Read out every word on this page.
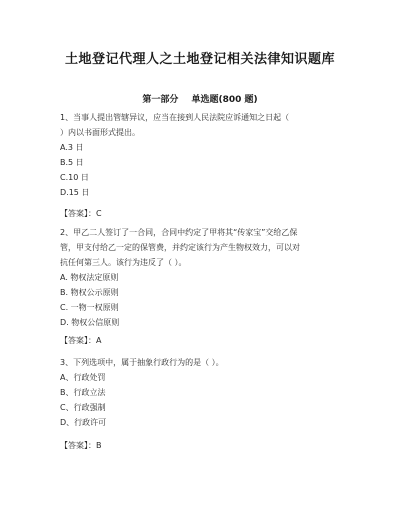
土地登记代理人之土地登记相关法律知识题库
第一部分 单选题(800 题)

1、当事人提出管辖异议，应当在接到人民法院应诉通知之日起（

）内以书面形式提出。

A.3 日

B.5 日

C.10 日

D.15 日

【答案】：C

2、甲乙二人签订了一合同，合同中约定了甲将其“传家宝”交给乙保

管，甲支付给乙一定的保管费，并约定该行为产生物权效力，可以对

抗任何第三人。该行为违反了（ ）。

A. 物权法定原则

B. 物权公示原则

C. 一物一权原则

D. 物权公信原则

【答案】：A

3、下列选项中，属于抽象行政行为的是（ ）。

A、行政处罚

B、行政立法

C、行政强制

D、行政许可

【答案】：B
